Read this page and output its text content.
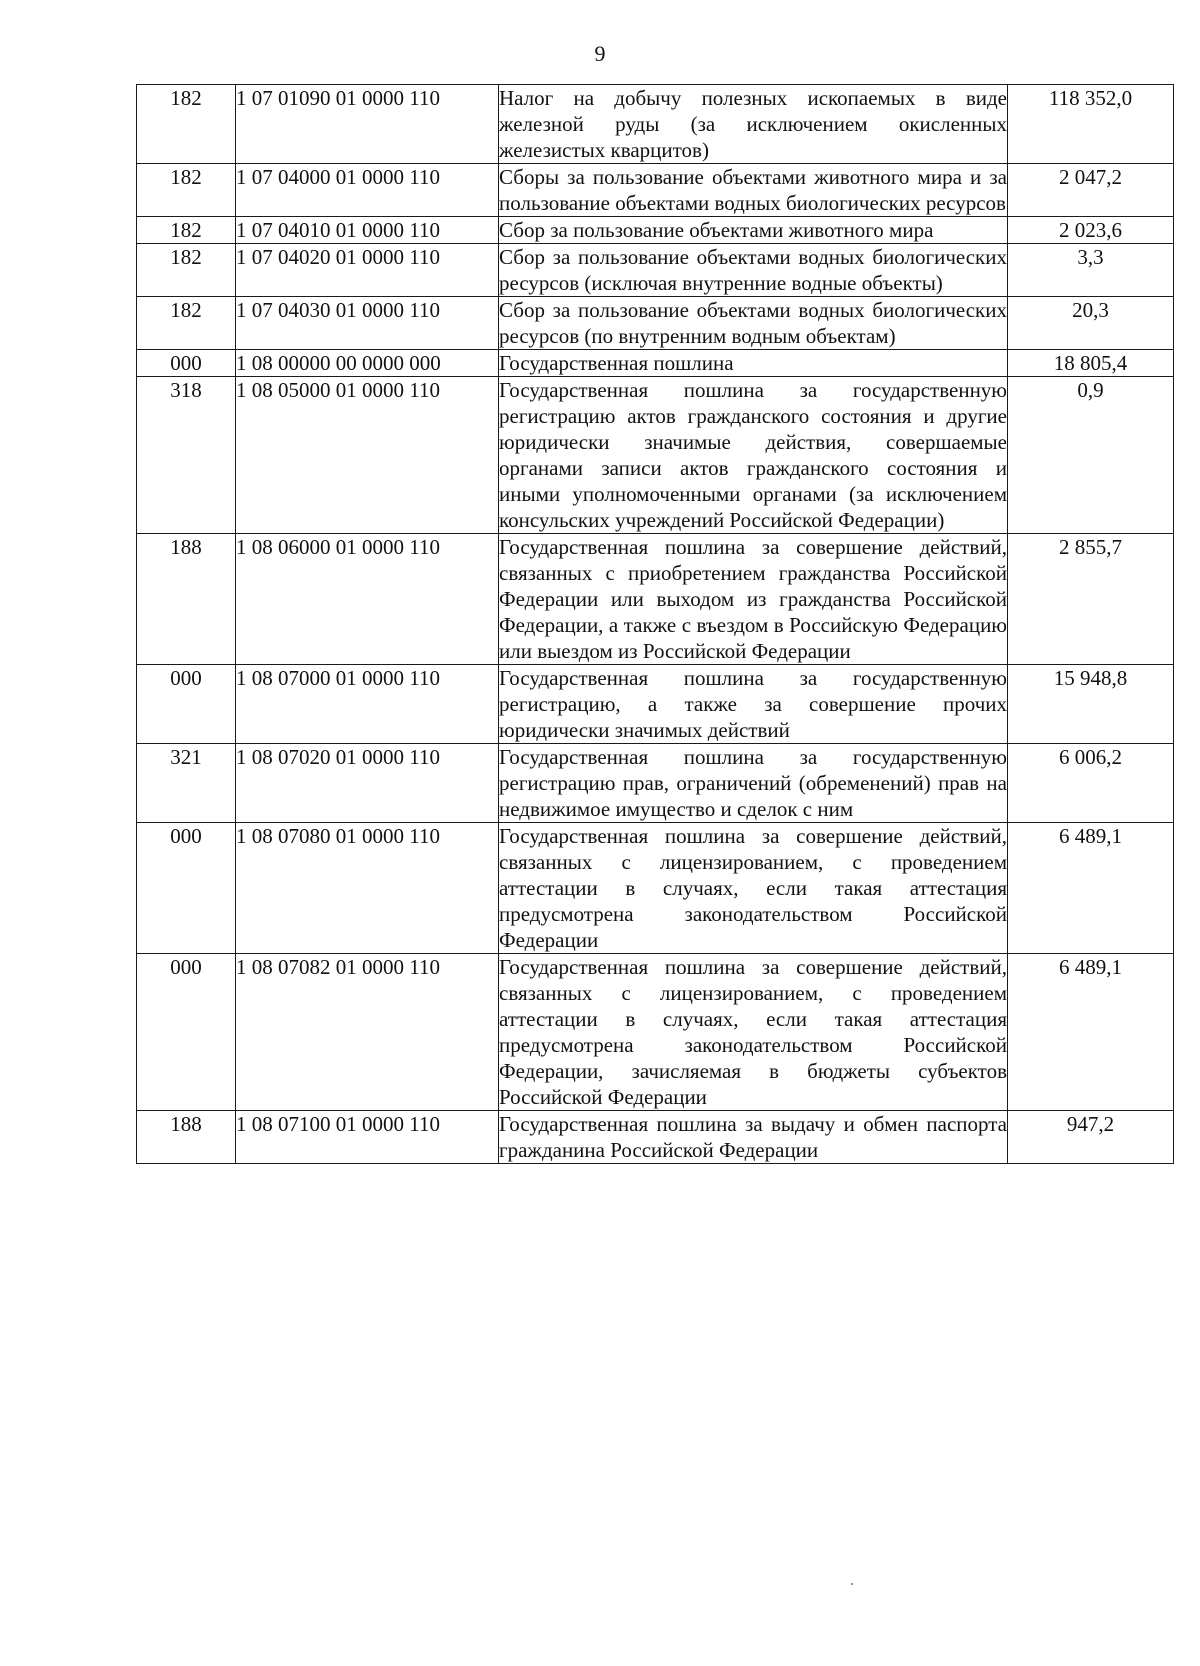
9
182	1 07 01090 01 0000 110	Налог на добычу полезных ископаемых в виде железной руды (за исключением окисленных железистых кварцитов)	118 352,0
182	1 07 04000 01 0000 110	Сборы за пользование объектами животного мира и за пользование объектами водных биологических ресурсов	2 047,2
182	1 07 04010 01 0000 110	Сбор за пользование объектами животного мира	2 023,6
182	1 07 04020 01 0000 110	Сбор за пользование объектами водных биологических ресурсов (исключая внутренние водные объекты)	3,3
182	1 07 04030 01 0000 110	Сбор за пользование объектами водных биологических ресурсов (по внутренним водным объектам)	20,3
000	1 08 00000 00 0000 000	Государственная пошлина	18 805,4
318	1 08 05000 01 0000 110	Государственная пошлина за государственную регистрацию актов гражданского состояния и другие юридически значимые действия, совершаемые органами записи актов гражданского состояния и иными уполномоченными органами (за исключением консульских учреждений Российской Федерации)	0,9
188	1 08 06000 01 0000 110	Государственная пошлина за совершение действий, связанных с приобретением гражданства Российской Федерации или выходом из гражданства Российской Федерации, а также с въездом в Российскую Федерацию или выездом из Российской Федерации	2 855,7
000	1 08 07000 01 0000 110	Государственная пошлина за государственную регистрацию, а также за совершение прочих юридически значимых действий	15 948,8
321	1 08 07020 01 0000 110	Государственная пошлина за государственную регистрацию прав, ограничений (обременений) прав на недвижимое имущество и сделок с ним	6 006,2
000	1 08 07080 01 0000 110	Государственная пошлина за совершение действий, связанных с лицензированием, с проведением аттестации в случаях, если такая аттестация предусмотрена законодательством Российской Федерации	6 489,1
000	1 08 07082 01 0000 110	Государственная пошлина за совершение действий, связанных с лицензированием, с проведением аттестации в случаях, если такая аттестация предусмотрена законодательством Российской Федерации, зачисляемая в бюджеты субъектов Российской Федерации	6 489,1
188	1 08 07100 01 0000 110	Государственная пошлина за выдачу и обмен паспорта гражданина Российской Федерации	947,2
